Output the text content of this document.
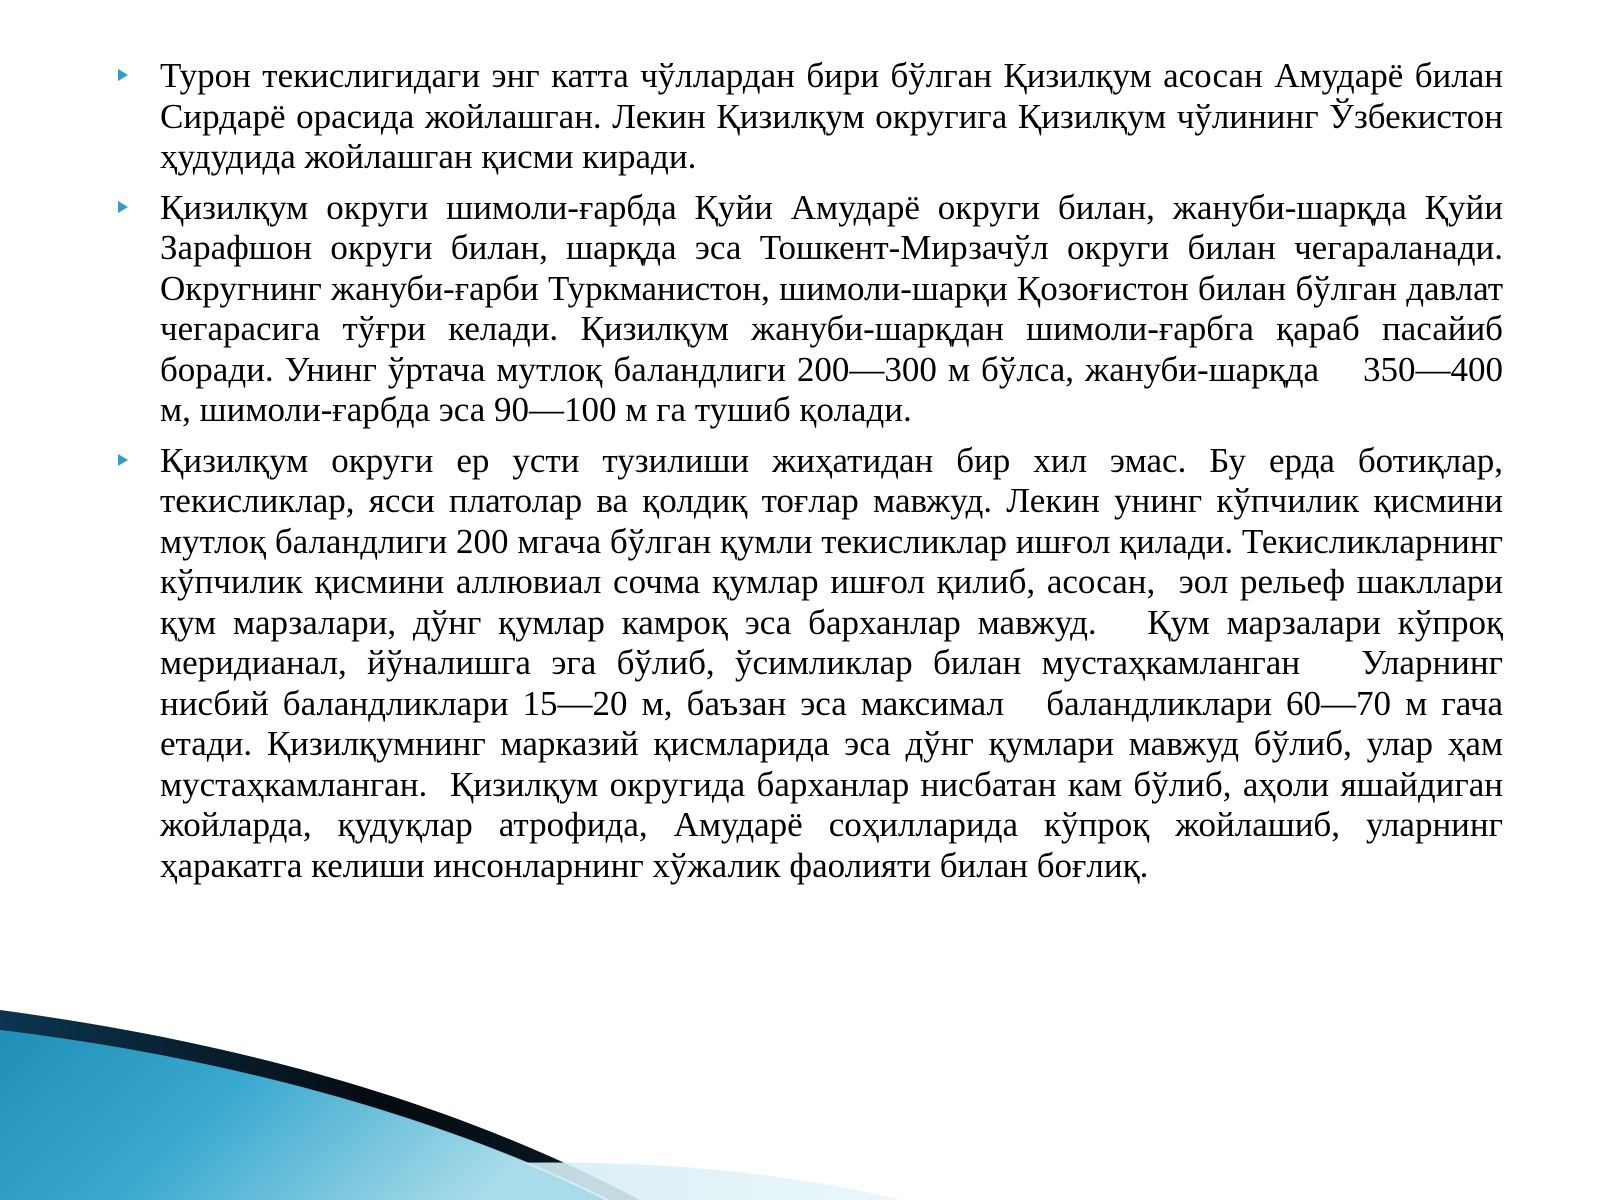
Турон текислигидаги энг катта чўллардан бири бўлган Қизилқум асосан Амударё билан Сирдарё орасида жойлашган. Лекин Қизилқум округига Қизилқум чўлининг Ўзбекистон ҳудудида жойлашган қисми киради.

Қизилқум округи шимоли-ғарбда Қуйи Амударё округи билан, жануби-шарқда Қуйи Зарафшон округи билан, шарқда эса Тошкент-Мирзачўл округи билан чегараланади. Округнинг жануби-ғарби Туркманистон, шимоли-шарқи Қозоғистон билан бўлган давлат чегарасига тўғри келади. Қизилқум жануби-шарқдан шимоли-ғарбга қараб пасайиб боради. Унинг ўртача мутлоқ баландлиги 200—300 м бўлса, жануби-шарқда    350—400 м, шимоли-ғарбда эса 90—100 м га тушиб қолади.

Қизилқум округи ер усти тузилиши жиҳатидан бир хил эмас. Бу ерда ботиқлар, текисликлар, ясси платолар ва қолдиқ тоғлар мавжуд. Лекин унинг кўпчилик қисмини мутлоқ баландлиги 200 мгача бўлган қумли текисликлар ишғол қилади. Текисликларнинг кўпчилик қисмини аллювиал сочма қумлар ишғол қилиб, асосан,  эол рельеф шакллари қум марзалари, дўнг қумлар камроқ эса барханлар мавжуд.   Қум марзалари кўпроқ       меридианал, йўналишга эга бўлиб, ўсимликлар билан мустаҳкамланган   Уларнинг нисбий баландликлари 15—20 м, баъзан эса максимал   баландликлари 60—70 м гача етади. Қизилқумнинг марказий қисмларида эса дўнг қумлари мавжуд бўлиб, улар ҳам мустаҳкамланган.  Қизилқум округида барханлар нисбатан кам бўлиб, аҳоли яшайдиган жойларда, қудуқлар атрофида, Амударё соҳилларида кўпроқ жойлашиб, уларнинг ҳаракатга келиши инсонларнинг хўжалик фаолияти билан боғлиқ.
